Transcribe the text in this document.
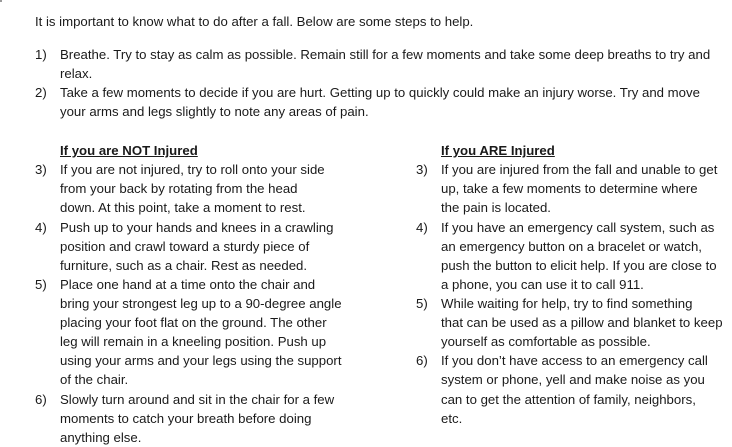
It is important to know what to do after a fall. Below are some steps to help.
1) Breathe. Try to stay as calm as possible. Remain still for a few moments and take some deep breaths to try and
relax.
2) Take a few moments to decide if you are hurt. Getting up to quickly could make an injury worse. Try and move
your arms and legs slightly to note any areas of pain.
If you are NOT Injured
3) If you are not injured, try to roll onto your side
from your back by rotating from the head
down. At this point, take a moment to rest.
4) Push up to your hands and knees in a crawling
position and crawl toward a sturdy piece of
furniture, such as a chair. Rest as needed.
5) Place one hand at a time onto the chair and
bring your strongest leg up to a 90-degree angle
placing your foot flat on the ground. The other
leg will remain in a kneeling position. Push up
using your arms and your legs using the support
of the chair.
6) Slowly turn around and sit in the chair for a few
moments to catch your breath before doing
anything else.
If you ARE Injured
3) If you are injured from the fall and unable to get
up, take a few moments to determine where
the pain is located.
4) If you have an emergency call system, such as
an emergency button on a bracelet or watch,
push the button to elicit help. If you are close to
a phone, you can use it to call 911.
5) While waiting for help, try to find something
that can be used as a pillow and blanket to keep
yourself as comfortable as possible.
6) If you don’t have access to an emergency call
system or phone, yell and make noise as you
can to get the attention of family, neighbors,
etc.
